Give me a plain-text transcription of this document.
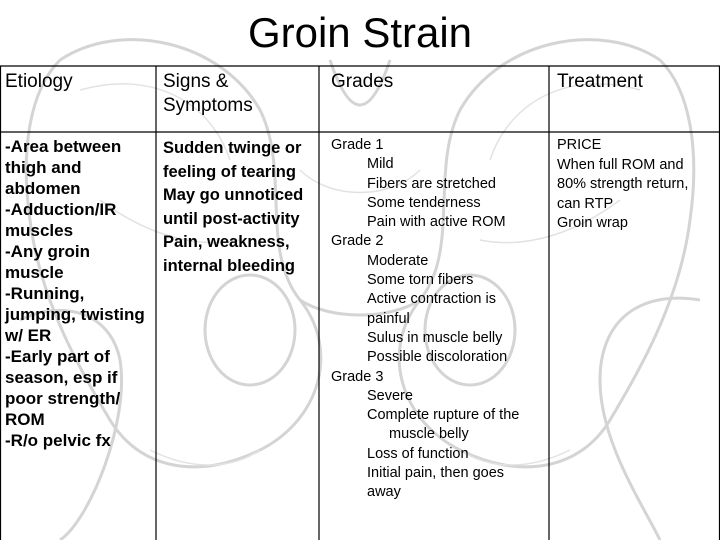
Groin Strain
Etiology	Signs &
Symptoms
Grades	Treatment
-Area between
thigh and
abdomen
-Adduction/IR
muscles
-Any groin
muscle
-Running,
jumping, twisting
w/ ER
-Early part of
season, esp if
poor strength/
ROM
-R/o pelvic fx
Sudden twinge or
feeling of tearing
May go unnoticed
until post-activity
Pain, weakness,
internal bleeding
Grade 1
Mild
Fibers are stretched
Some tenderness
Pain with active ROM
Grade 2
Moderate
Some torn fibers
Active contraction is
painful
Sulus in muscle belly
Possible discoloration
Grade 3
Severe
Complete rupture of the
muscle belly
Loss of function
Initial pain, then goes
away
PRICE
When full ROM and
80% strength return,
can RTP
Groin wrap
